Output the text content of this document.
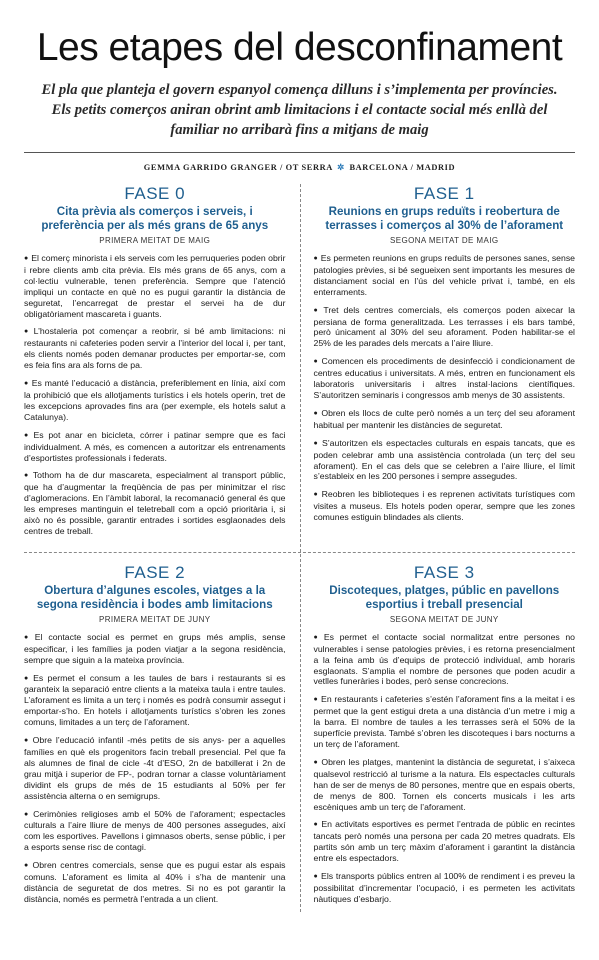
Les etapes del desconfinament

El pla que planteja el govern espanyol comença dilluns i s’implementa per províncies. Els petits comerços aniran obrint amb limitacions i el contacte social més enllà del familiar no arribarà fins a mitjans de maig

GEMMA GARRIDO GRANGER / OT SERRA ✲ BARCELONA / MADRID
FASE 0
Cita prèvia als comerços i serveis, i preferència per als més grans de 65 anys
PRIMERA MEITAT DE MAIG
● El comerç minorista i els serveis com les perruqueries poden obrir i rebre clients amb cita prèvia. Els més grans de 65 anys, com a col·lectiu vulnerable, tenen preferència. Sempre que l’atenció impliqui un contacte en què no es pugui garantir la distància de seguretat, l’encarregat de prestar el servei ha de dur obligatòriament mascareta i guants.
● L’hostaleria pot començar a reobrir, si bé amb limitacions: ni restaurants ni cafeteries poden servir a l’interior del local i, per tant, els clients només poden demanar productes per emportar-se, com es feia fins ara als forns de pa.
● Es manté l’educació a distància, preferiblement en línia, així com la prohibició que els allotjaments turístics i els hotels operin, tret de les excepcions aprovades fins ara (per exemple, els hotels salut a Catalunya).
● Es pot anar en bicicleta, córrer i patinar sempre que es faci individualment. A més, es comencen a autoritzar els entrenaments d’esportistes professionals i federats.
● Tothom ha de dur mascareta, especialment al transport públic, que ha d’augmentar la freqüència de pas per minimitzar el risc d’aglomeracions. En l’àmbit laboral, la recomanació general és que les empreses mantinguin el teletreball com a opció prioritària i, si això no és possible, garantir entrades i sortides esglaonades dels centres de treball.
FASE 1
Reunions en grups reduïts i reobertura de terrasses i comerços al 30% de l’aforament
SEGONA MEITAT DE MAIG
● Es permeten reunions en grups reduïts de persones sanes, sense patologies prèvies, si bé segueixen sent importants les mesures de distanciament social en l’ús del vehicle privat i, també, en els enterraments.
● Tret dels centres comercials, els comerços poden aixecar la persiana de forma generalitzada. Les terrasses i els bars també, però únicament al 30% del seu aforament. Poden habilitar-se el 25% de les parades dels mercats a l’aire lliure.
● Comencen els procediments de desinfecció i condicionament de centres educatius i universitats. A més, entren en funcionament els laboratoris universitaris i altres instal·lacions científiques. S’autoritzen seminaris i congressos amb menys de 30 assistents.
● Obren els llocs de culte però només a un terç del seu aforament habitual per mantenir les distàncies de seguretat.
● S’autoritzen els espectacles culturals en espais tancats, que es poden celebrar amb una assistència controlada (un terç del seu aforament). En el cas dels que se celebren a l’aire lliure, el límit s’estableix en les 200 persones i sempre assegudes.
● Reobren les biblioteques i es reprenen activitats turístiques com visites a museus. Els hotels poden operar, sempre que les zones comunes estiguin blindades als clients.
FASE 2
Obertura d’algunes escoles, viatges a la segona residència i bodes amb limitacions
PRIMERA MEITAT DE JUNY
● El contacte social es permet en grups més amplis, sense especificar, i les famílies ja poden viatjar a la segona residència, sempre que siguin a la mateixa província.
● Es permet el consum a les taules de bars i restaurants si es garanteix la separació entre clients a la mateixa taula i entre taules. L’aforament es limita a un terç i només es podrà consumir assegut i emportar-s’ho. En hotels i allotjaments turístics s’obren les zones comuns, limitades a un terç de l’aforament.
● Obre l’educació infantil -més petits de sis anys- per a aquelles famílies en què els progenitors facin treball presencial. Pel que fa als alumnes de final de cicle -4t d’ESO, 2n de batxillerat i 2n de grau mitjà i superior de FP-, podran tornar a classe voluntàriament dividint els grups de més de 15 estudiants al 50% per fer assistència alterna o en semigrups.
● Cerimònies religioses amb el 50% de l’aforament; espectacles culturals a l’aire lliure de menys de 400 persones assegudes, així com les esportives. Pavellons i gimnasos oberts, sense públic, i per a esports sense risc de contagi.
● Obren centres comercials, sense que es pugui estar als espais comuns. L’aforament es limita al 40% i s’ha de mantenir una distància de seguretat de dos metres. Si no es pot garantir la distància, només es permetrà l’entrada a un client.
FASE 3
Discoteques, platges, públic en pavellons esportius i treball presencial
SEGONA MEITAT DE JUNY
● Es permet el contacte social normalitzat entre persones no vulnerables i sense patologies prèvies, i es retorna presencialment a la feina amb ús d’equips de protecció individual, amb horaris esglaonats. S’amplia el nombre de persones que poden acudir a vetlles funeràries i bodes, però sense concrecions.
● En restaurants i cafeteries s’estén l’aforament fins a la meitat i es permet que la gent estigui dreta a una distància d’un metre i mig a la barra. El nombre de taules a les terrasses serà el 50% de la superfície prevista. També s’obren les discoteques i bars nocturns a un terç de l’aforament.
● Obren les platges, mantenint la distància de seguretat, i s’aixeca qualsevol restricció al turisme a la natura. Els espectacles culturals han de ser de menys de 80 persones, mentre que en espais oberts, de menys de 800. Tornen els concerts musicals i les arts escèniques amb un terç de l’aforament.
● En activitats esportives es permet l’entrada de públic en recintes tancats però només una persona per cada 20 metres quadrats. Els partits són amb un terç màxim d’aforament i garantint la distància entre els espectadors.
● Els transports públics entren al 100% de rendiment i es preveu la possibilitat d’incrementar l’ocupació, i es permeten les activitats nàutiques d’esbarjo.
